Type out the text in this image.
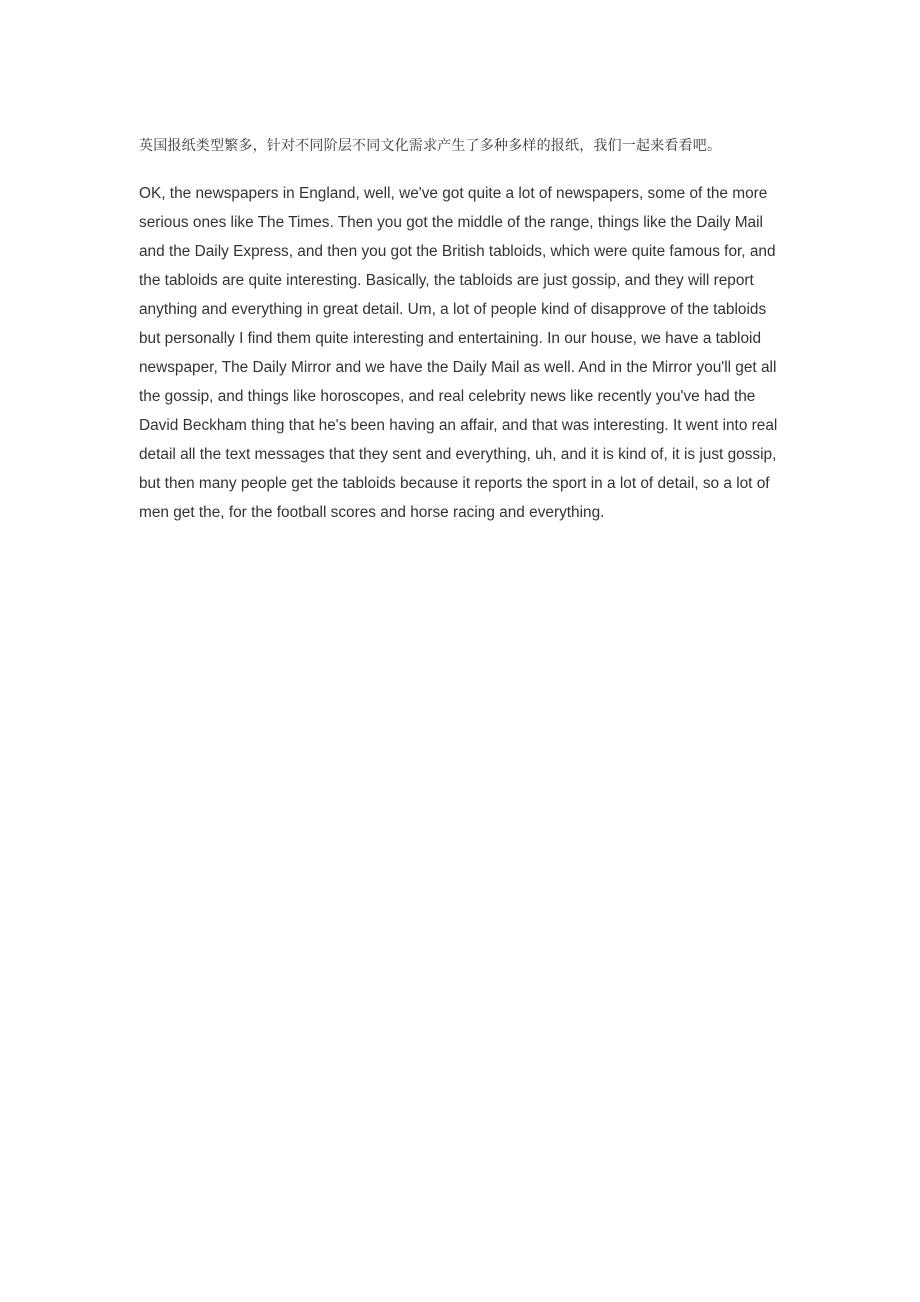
英国报纸类型繁多，针对不同阶层不同文化需求产生了多种多样的报纸，我们一起来看看吧。

OK, the newspapers in England, well, we've got quite a lot of newspapers, some of the more serious ones like The Times. Then you got the middle of the range, things like the Daily Mail and the Daily Express, and then you got the British tabloids, which were quite famous for, and the tabloids are quite interesting. Basically, the tabloids are just gossip, and they will report anything and everything in great detail. Um, a lot of people kind of disapprove of the tabloids but personally I find them quite interesting and entertaining. In our house, we have a tabloid newspaper, The Daily Mirror and we have the Daily Mail as well. And in the Mirror you'll get all the gossip, and things like horoscopes, and real celebrity news like recently you've had the David Beckham thing that he's been having an affair, and that was interesting. It went into real detail all the text messages that they sent and everything, uh, and it is kind of, it is just gossip, but then many people get the tabloids because it reports the sport in a lot of detail, so a lot of men get the, for the football scores and horse racing and everything.
